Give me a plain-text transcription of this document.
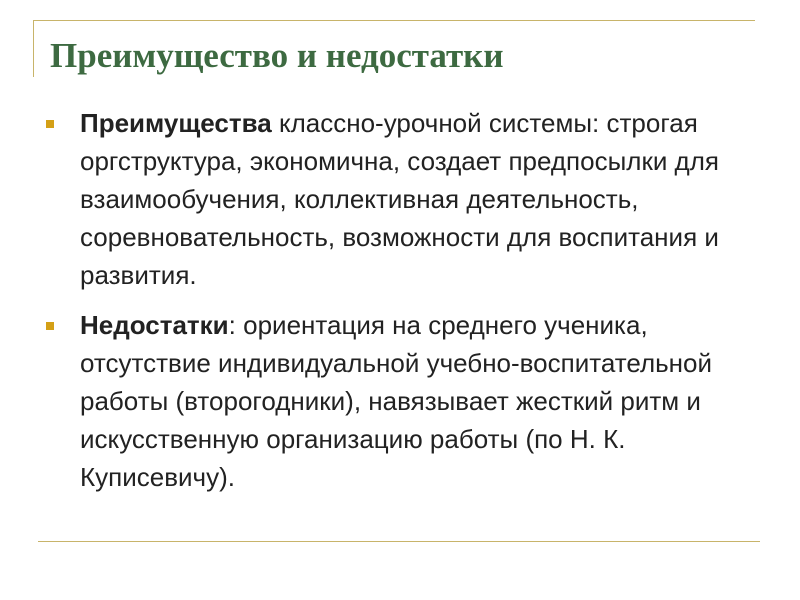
Преимущество и недостатки
Преимущества классно-урочной системы: строгая оргструктура, экономична, создает предпосылки для взаимообучения, коллективная деятельность, соревновательность, возможности для воспитания и развития.
Недостатки: ориентация на среднего ученика, отсутствие индивидуальной учебно-воспитательной работы (второгодники), навязывает жесткий ритм и искусственную организацию работы (по Н. К. Куписевичу).
